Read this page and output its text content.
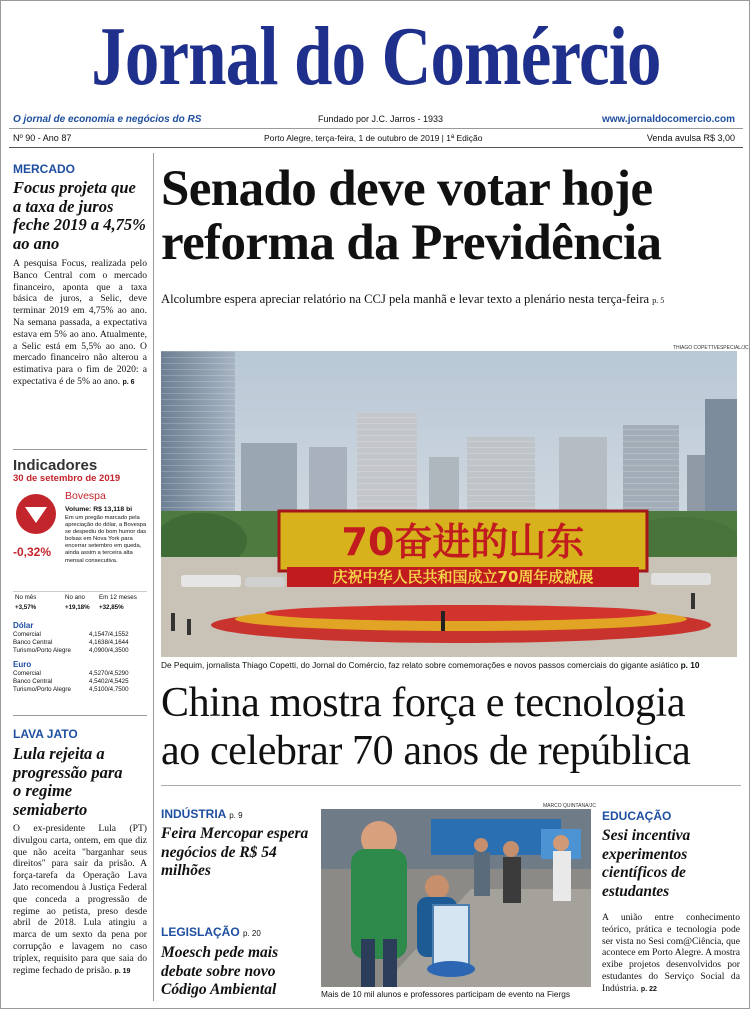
Jornal do Comércio
O jornal de economia e negócios do RS	Fundado por J.C. Jarros - 1933	www.jornaldocomercio.com
Nº 90 - Ano 87	Porto Alegre, terça-feira, 1 de outubro de 2019 | 1ª Edição	Venda avulsa R$ 3,00
MERCADO
Focus projeta que a taxa de juros feche 2019 a 4,75% ao ano
A pesquisa Focus, realizada pelo Banco Central com o mercado financeiro, aponta que a taxa básica de juros, a Selic, deve terminar 2019 em 4,75% ao ano. Na semana passada, a expectativa estava em 5% ao ano. Atualmente, a Selic está em 5,5% ao ano. O mercado financeiro não alterou a estimativa para o fim de 2020: a expectativa é de 5% ao ano. p. 6
Indicadores
30 de setembro de 2019
-0,32%
Bovespa
Volume: R$ 13,118 bi
Em um pregão marcado pela apreciação do dólar, a Bovespa se despediu do bom humor das bolsas em Nova York para encerrar setembro em queda, ainda assim a terceira alta mensal consecutiva.
No mês	No ano Em 12 meses
+3,57%	+19,18% +32,85%
Dólar
Comercial	4,1547/4,1552
Banco Central	4,1638/4,1644
Turismo/Porto Alegre	4,0900/4,3500
Euro
Comercial	4,5270/4,5290
Banco Central	4,5402/4,5425
Turismo/Porto Alegre	4,5100/4,7500
LAVA JATO
Lula rejeita a progressão para o regime semiaberto
O ex-presidente Lula (PT) divulgou carta, ontem, em que diz que não aceita "barganhar seus direitos" para sair da prisão. A força-tarefa da Operação Lava Jato recomendou à Justiça Federal que conceda a progressão de regime ao petista, preso desde abril de 2018. Lula atingiu a marca de um sexto da pena por corrupção e lavagem no caso tríplex, requisito para que saia do regime fechado de prisão. p. 19
Senado deve votar hoje
reforma da Previdência
Alcolumbre espera apreciar relatório na CCJ pela manhã e levar texto a plenário nesta terça-feira p. 5
THIAGO COPETTI/ESPECIAL/JC
70奋进的山东
庆祝中华人民共和国成立70周年成就展
De Pequim, jornalista Thiago Copetti, do Jornal do Comércio, faz relato sobre comemorações e novos passos comerciais do gigante asiático p. 10
China mostra força e tecnologia
ao celebrar 70 anos de república
INDÚSTRIA p. 9
Feira Mercopar espera negócios de R$ 54 milhões
LEGISLAÇÃO p. 20
Moesch pede mais debate sobre novo Código Ambiental
MARCO QUINTANA/JC
Mais de 10 mil alunos e professores participam de evento na Fiergs
EDUCAÇÃO
Sesi incentiva experimentos científicos de estudantes
A união entre conhecimento teórico, prática e tecnologia pode ser vista no Sesi com@Ciência, que acontece em Porto Alegre. A mostra exibe projetos desenvolvidos por estudantes do Serviço Social da Indústria. p. 22
